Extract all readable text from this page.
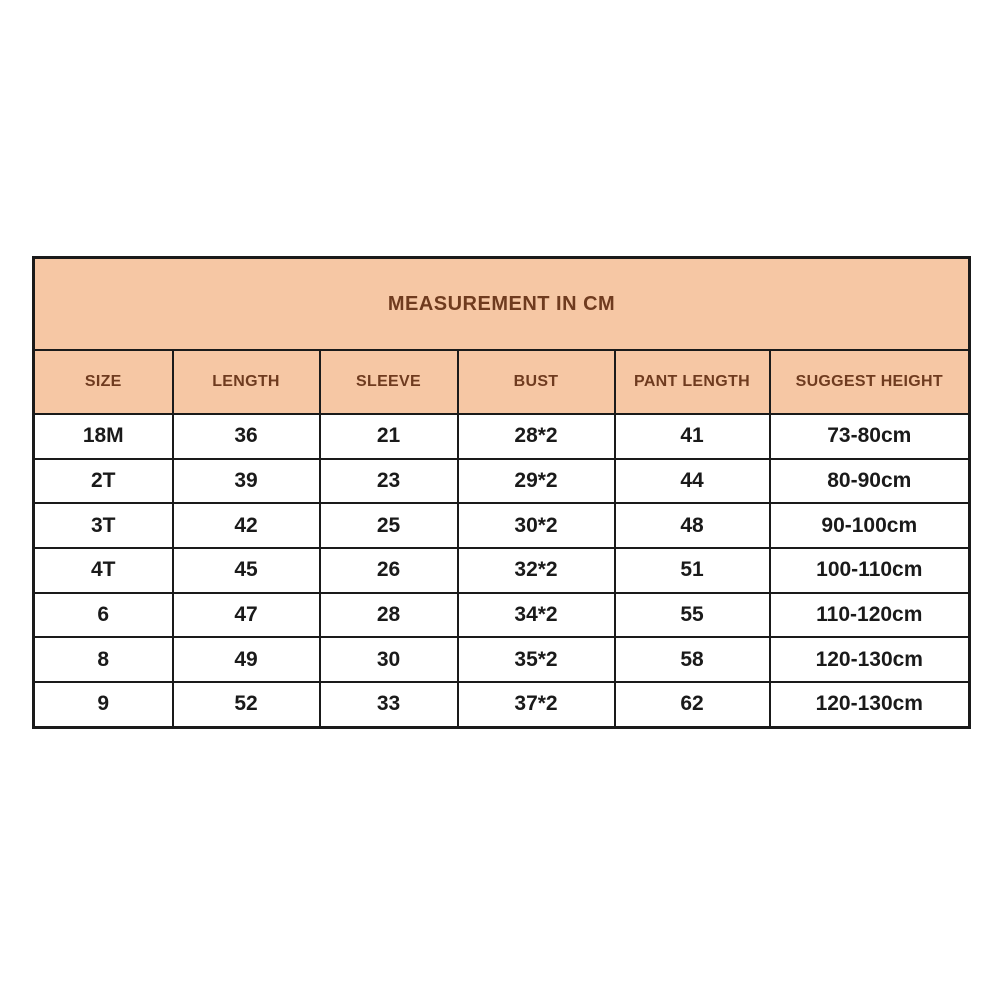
MEASUREMENT IN CM					
SIZE	LENGTH	SLEEVE	BUST	PANT LENGTH	SUGGEST HEIGHT
18M	36	21	28*2	41	73-80cm
2T	39	23	29*2	44	80-90cm
3T	42	25	30*2	48	90-100cm
4T	45	26	32*2	51	100-110cm
6	47	28	34*2	55	110-120cm
8	49	30	35*2	58	120-130cm
9	52	33	37*2	62	120-130cm
